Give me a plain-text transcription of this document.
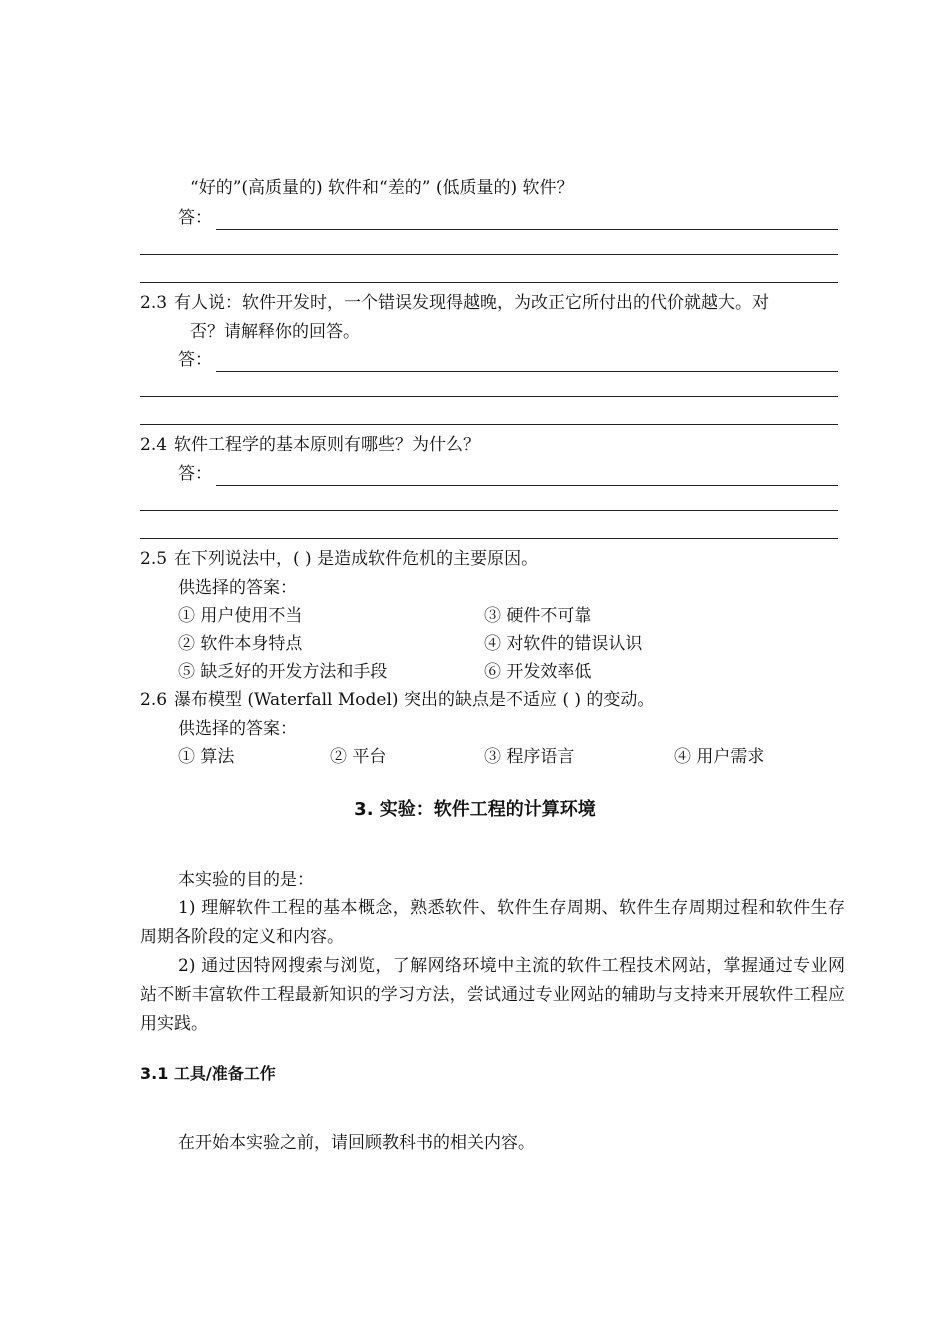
“好的”(高质量的) 软件和“差的” (低质量的) 软件？
答：
2.3 有人说：软件开发时，一个错误发现得越晚，为改正它所付出的代价就越大。对
否？请解释你的回答。
答：
2.4 软件工程学的基本原则有哪些？为什么？
答：
2.5 在下列说法中，( ) 是造成软件危机的主要原因。
供选择的答案：
① 用户使用不当	③ 硬件不可靠
② 软件本身特点	④ 对软件的错误认识
⑤ 缺乏好的开发方法和手段	⑥ 开发效率低
2.6 瀑布模型 (Waterfall Model) 突出的缺点是不适应 ( ) 的变动。
供选择的答案：
① 算法	② 平台	③ 程序语言	④ 用户需求
3. 实验：软件工程的计算环境
本实验的目的是：
1) 理解软件工程的基本概念，熟悉软件、软件生存周期、软件生存周期过程和软件生存周期各阶段的定义和内容。
2) 通过因特网搜索与浏览，了解网络环境中主流的软件工程技术网站，掌握通过专业网站不断丰富软件工程最新知识的学习方法，尝试通过专业网站的辅助与支持来开展软件工程应用实践。
3.1 工具/准备工作
在开始本实验之前，请回顾教科书的相关内容。
